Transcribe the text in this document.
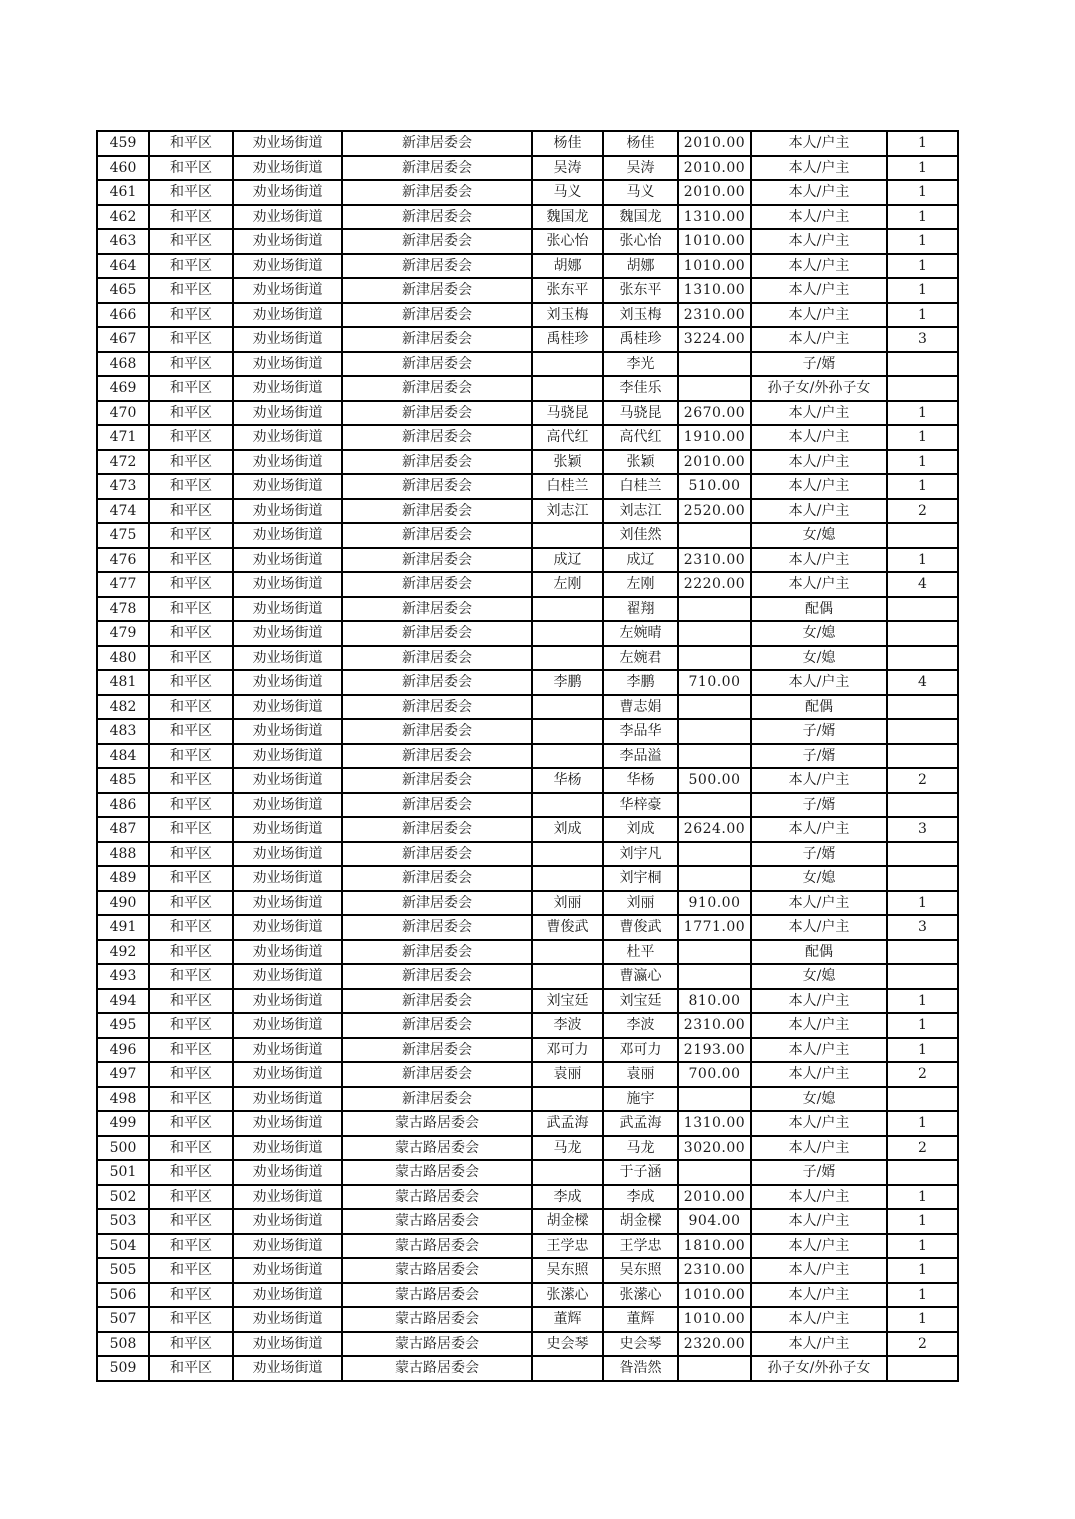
459	和平区	劝业场街道	新津居委会	杨佳	杨佳	2010.00	本人/户主	1
460	和平区	劝业场街道	新津居委会	吴涛	吴涛	2010.00	本人/户主	1
461	和平区	劝业场街道	新津居委会	马义	马义	2010.00	本人/户主	1
462	和平区	劝业场街道	新津居委会	魏国龙	魏国龙	1310.00	本人/户主	1
463	和平区	劝业场街道	新津居委会	张心怡	张心怡	1010.00	本人/户主	1
464	和平区	劝业场街道	新津居委会	胡娜	胡娜	1010.00	本人/户主	1
465	和平区	劝业场街道	新津居委会	张东平	张东平	1310.00	本人/户主	1
466	和平区	劝业场街道	新津居委会	刘玉梅	刘玉梅	2310.00	本人/户主	1
467	和平区	劝业场街道	新津居委会	禹桂珍	禹桂珍	3224.00	本人/户主	3
468	和平区	劝业场街道	新津居委会		李光		子/婿	
469	和平区	劝业场街道	新津居委会		李佳乐		孙子女/外孙子女	
470	和平区	劝业场街道	新津居委会	马骁昆	马骁昆	2670.00	本人/户主	1
471	和平区	劝业场街道	新津居委会	高代红	高代红	1910.00	本人/户主	1
472	和平区	劝业场街道	新津居委会	张颖	张颖	2010.00	本人/户主	1
473	和平区	劝业场街道	新津居委会	白桂兰	白桂兰	510.00	本人/户主	1
474	和平区	劝业场街道	新津居委会	刘志江	刘志江	2520.00	本人/户主	2
475	和平区	劝业场街道	新津居委会		刘佳然		女/媳	
476	和平区	劝业场街道	新津居委会	成辽	成辽	2310.00	本人/户主	1
477	和平区	劝业场街道	新津居委会	左刚	左刚	2220.00	本人/户主	4
478	和平区	劝业场街道	新津居委会		翟翔		配偶	
479	和平区	劝业场街道	新津居委会		左婉晴		女/媳	
480	和平区	劝业场街道	新津居委会		左婉君		女/媳	
481	和平区	劝业场街道	新津居委会	李鹏	李鹏	710.00	本人/户主	4
482	和平区	劝业场街道	新津居委会		曹志娟		配偶	
483	和平区	劝业场街道	新津居委会		李品华		子/婿	
484	和平区	劝业场街道	新津居委会		李品溢		子/婿	
485	和平区	劝业场街道	新津居委会	华杨	华杨	500.00	本人/户主	2
486	和平区	劝业场街道	新津居委会		华梓豪		子/婿	
487	和平区	劝业场街道	新津居委会	刘成	刘成	2624.00	本人/户主	3
488	和平区	劝业场街道	新津居委会		刘宇凡		子/婿	
489	和平区	劝业场街道	新津居委会		刘宇桐		女/媳	
490	和平区	劝业场街道	新津居委会	刘丽	刘丽	910.00	本人/户主	1
491	和平区	劝业场街道	新津居委会	曹俊武	曹俊武	1771.00	本人/户主	3
492	和平区	劝业场街道	新津居委会		杜平		配偶	
493	和平区	劝业场街道	新津居委会		曹瀛心		女/媳	
494	和平区	劝业场街道	新津居委会	刘宝廷	刘宝廷	810.00	本人/户主	1
495	和平区	劝业场街道	新津居委会	李波	李波	2310.00	本人/户主	1
496	和平区	劝业场街道	新津居委会	邓可力	邓可力	2193.00	本人/户主	1
497	和平区	劝业场街道	新津居委会	袁丽	袁丽	700.00	本人/户主	2
498	和平区	劝业场街道	新津居委会		施宇		女/媳	
499	和平区	劝业场街道	蒙古路居委会	武孟海	武孟海	1310.00	本人/户主	1
500	和平区	劝业场街道	蒙古路居委会	马龙	马龙	3020.00	本人/户主	2
501	和平区	劝业场街道	蒙古路居委会		于子涵		子/婿	
502	和平区	劝业场街道	蒙古路居委会	李成	李成	2010.00	本人/户主	1
503	和平区	劝业场街道	蒙古路居委会	胡金樑	胡金樑	904.00	本人/户主	1
504	和平区	劝业场街道	蒙古路居委会	王学忠	王学忠	1810.00	本人/户主	1
505	和平区	劝业场街道	蒙古路居委会	吴东照	吴东照	2310.00	本人/户主	1
506	和平区	劝业场街道	蒙古路居委会	张潆心	张潆心	1010.00	本人/户主	1
507	和平区	劝业场街道	蒙古路居委会	董辉	董辉	1010.00	本人/户主	1
508	和平区	劝业场街道	蒙古路居委会	史会琴	史会琴	2320.00	本人/户主	2
509	和平区	劝业场街道	蒙古路居委会		昝浩然		孙子女/外孙子女	
